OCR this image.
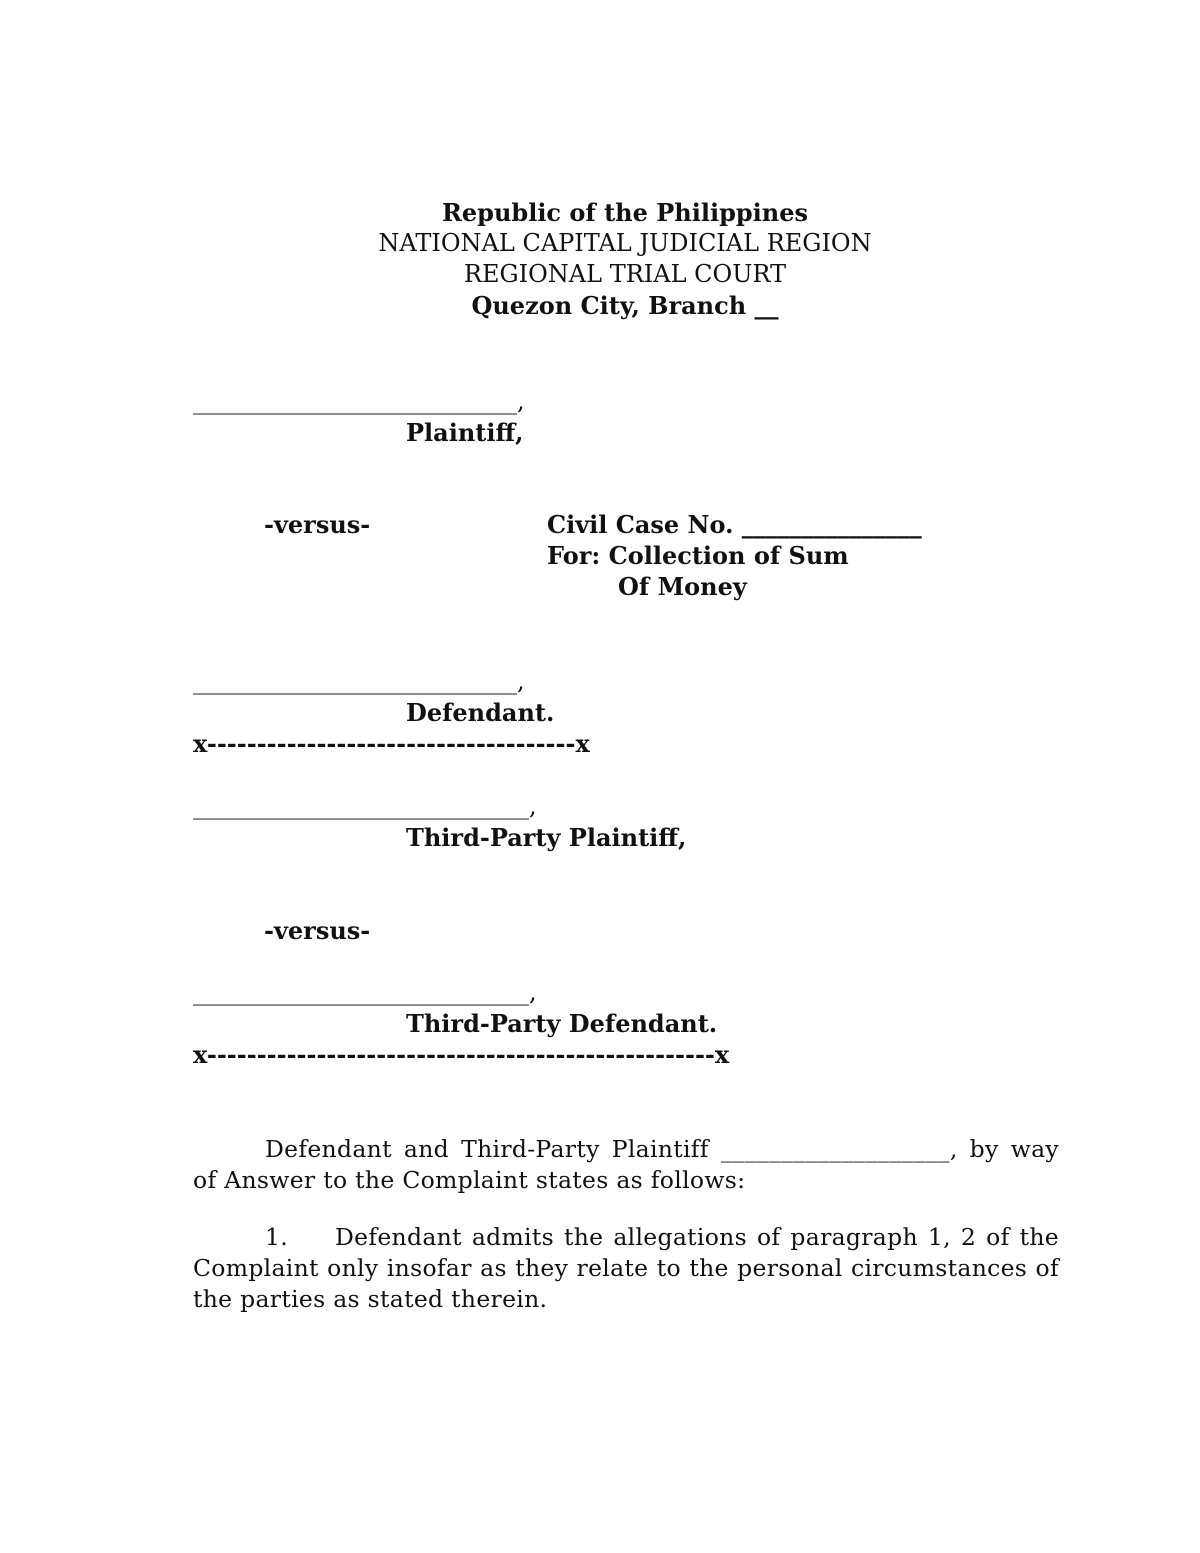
Republic of the Philippines
NATIONAL CAPITAL JUDICIAL REGION
REGIONAL TRIAL COURT
Quezon City, Branch __
___________________________,
Plaintiff,
-versus-	Civil Case No. _______________
For: Collection of Sum
Of Money
___________________________,
Defendant.
x-------------------------------------x
____________________________,
Third-Party Plaintiff,
-versus-
____________________________,
Third-Party Defendant.
x---------------------------------------------------x
Defendant and Third-Party Plaintiff ___________________, by way of Answer to the Complaint states as follows:
1. Defendant admits the allegations of paragraph 1, 2 of the Complaint only insofar as they relate to the personal circumstances of the parties as stated therein.
